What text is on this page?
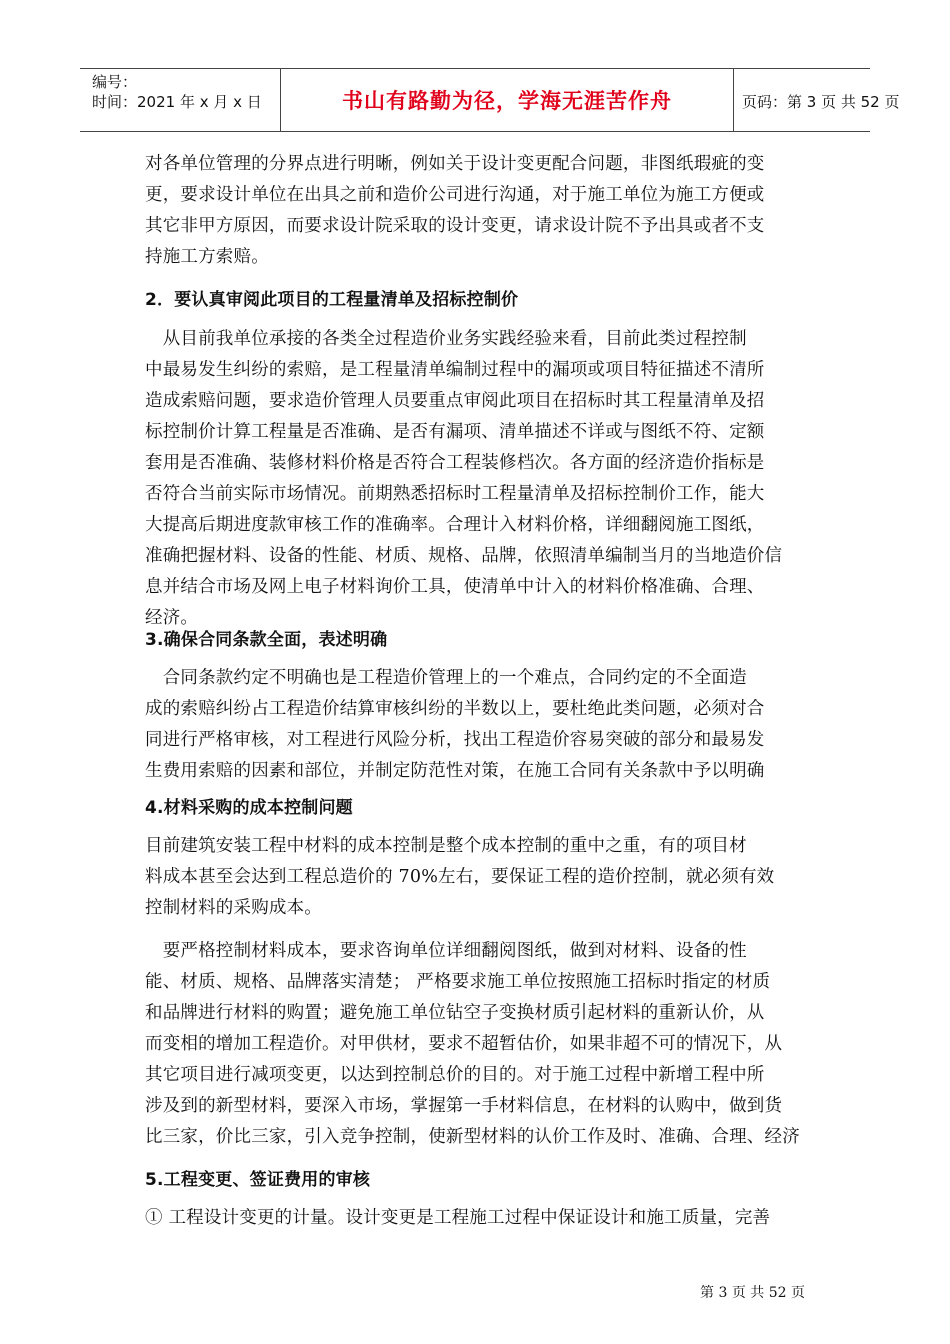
编号：
时间：2021 年 x 月 x 日	书山有路勤为径，学海无涯苦作舟	页码：第 3 页 共 52 页
对各单位管理的分界点进行明晰，例如关于设计变更配合问题，非图纸瑕疵的变
更，要求设计单位在出具之前和造价公司进行沟通，对于施工单位为施工方便或
其它非甲方原因，而要求设计院采取的设计变更，请求设计院不予出具或者不支
持施工方索赔。
2．要认真审阅此项目的工程量清单及招标控制价
　从目前我单位承接的各类全过程造价业务实践经验来看，目前此类过程控制
中最易发生纠纷的索赔，是工程量清单编制过程中的漏项或项目特征描述不清所
造成索赔问题，要求造价管理人员要重点审阅此项目在招标时其工程量清单及招
标控制价计算工程量是否准确、是否有漏项、清单描述不详或与图纸不符、定额
套用是否准确、装修材料价格是否符合工程装修档次。各方面的经济造价指标是
否符合当前实际市场情况。前期熟悉招标时工程量清单及招标控制价工作，能大
大提高后期进度款审核工作的准确率。合理计入材料价格，详细翻阅施工图纸，
准确把握材料、设备的性能、材质、规格、品牌，依照清单编制当月的当地造价信
息并结合市场及网上电子材料询价工具，使清单中计入的材料价格准确、合理、
经济。
3.确保合同条款全面，表述明确
　合同条款约定不明确也是工程造价管理上的一个难点，合同约定的不全面造
成的索赔纠纷占工程造价结算审核纠纷的半数以上，要杜绝此类问题，必须对合
同进行严格审核，对工程进行风险分析，找出工程造价容易突破的部分和最易发
生费用索赔的因素和部位，并制定防范性对策，在施工合同有关条款中予以明确
4.材料采购的成本控制问题
目前建筑安装工程中材料的成本控制是整个成本控制的重中之重，有的项目材
料成本甚至会达到工程总造价的 70%左右，要保证工程的造价控制，就必须有效
控制材料的采购成本。
　要严格控制材料成本，要求咨询单位详细翻阅图纸，做到对材料、设备的性
能、材质、规格、品牌落实清楚； 严格要求施工单位按照施工招标时指定的材质
和品牌进行材料的购置；避免施工单位钻空子变换材质引起材料的重新认价，从
而变相的增加工程造价。对甲供材，要求不超暂估价，如果非超不可的情况下，从
其它项目进行减项变更，以达到控制总价的目的。对于施工过程中新增工程中所
涉及到的新型材料，要深入市场，掌握第一手材料信息，在材料的认购中，做到货
比三家，价比三家，引入竞争控制，使新型材料的认价工作及时、准确、合理、经济
5.工程变更、签证费用的审核
① 工程设计变更的计量。设计变更是工程施工过程中保证设计和施工质量，完善
第 3 页 共 52 页
